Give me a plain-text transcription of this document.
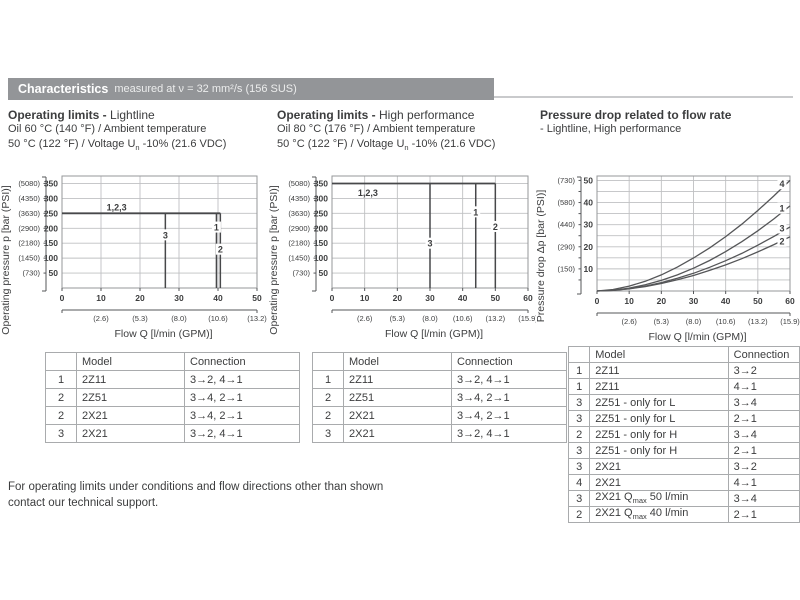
Characteristics measured at ν = 32 mm²/s (156 SUS)
Operating limits - Lightline
Oil 60 °C (140 °F) / Ambient temperature
50 °C (122 °F) / Voltage $U_n$ -10% (21.6 VDC)
Operating limits - High performance
Oil 80 °C (176 °F) / Ambient temperature
50 °C (122 °F) / Voltage $U_n$ -10% (21.6 VDC)
Pressure drop related to flow rate
- Lightline, High performance
0	10	20	30	40	50
(2.6)	(5.3)	(8.0)	(10.6)	(13.2)
Flow Q [l/min (GPM)]
50
(730)
100
(1450)
150
(2180)
200
(2900)
250
(3630)
300
(4350)
350
(5080)
Operating pressure p [bar (PSI)]	1,2,3
3
1
2
0	10	20	30	40	50	60
(2.6) (5.3) (8.0) (10.6) (13.2) (15.9)
Flow Q [l/min (GPM)]
50
(730)
100
(1450)
150
(2180)
200
(2900)
250
(3630)
300
(4350)
350
(5080)
Operating pressure p [bar (PSI)]	1,2,3
3
1
2
0	10	20	30	40	50	60
(2.6) (5.3) (8.0) (10.6) (13.2) (15.9)
Flow Q [l/min (GPM)]
10
(150)
20
(290)
30
(440)
40
(580)
50
(730)
Pressure drop Δp [bar (PSI)]
4
1
3
2
	Model	Connection
1	2Z11	3→2, 4→1
2	2Z51	3→4, 2→1
2	2X21	3→4, 2→1
3	2X21	3→2, 4→1
	Model	Connection
1	2Z11	3→2, 4→1
2	2Z51	3→4, 2→1
2	2X21	3→4, 2→1
3	2X21	3→2, 4→1
	Model	Connection
1	2Z11	3→2
1	2Z11	4→1
3	2Z51 - only for L	3→4
3	2Z51 - only for L	2→1
2	2Z51 - only for H	3→4
3	2Z51 - only for H	2→1
3	2X21	3→2
4	2X21	4→1
3	2X21 $Q_{max}$ 50 l/min	3→4
2	2X21 $Q_{max}$ 40 l/min	2→1
For operating limits under conditions and flow directions other than shown
contact our technical support.
